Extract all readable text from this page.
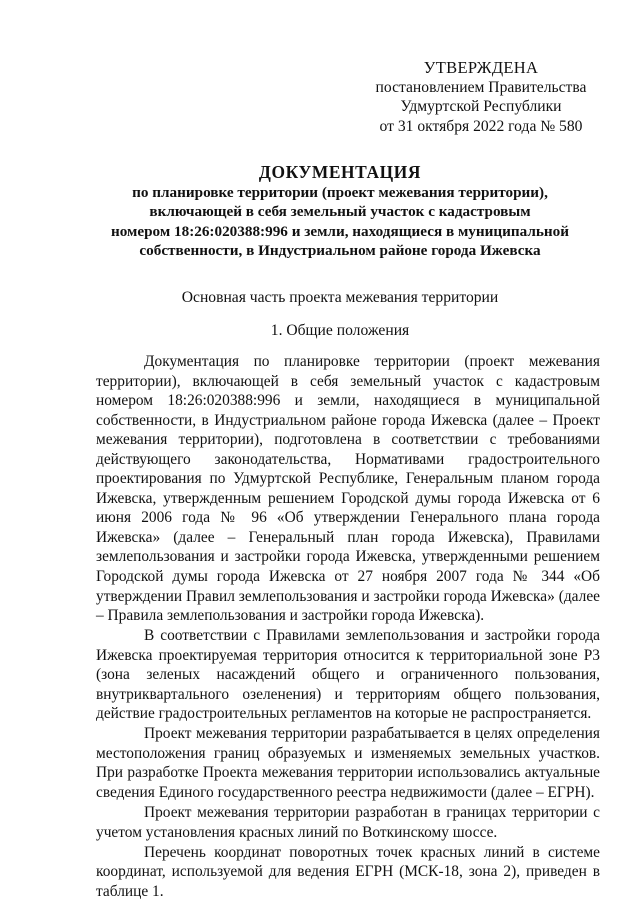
УТВЕРЖДЕНА
постановлением Правительства
Удмуртской Республики
от 31 октября 2022 года № 580
ДОКУМЕНТАЦИЯ
по планировке территории (проект межевания территории),
включающей в себя земельный участок с кадастровым
номером 18:26:020388:996 и земли, находящиеся в муниципальной
собственности, в Индустриальном районе города Ижевска
Основная часть проекта межевания территории
1. Общие положения

Документация по планировке территории (проект межевания территории), включающей в себя земельный участок с кадастровым номером 18:26:020388:996 и земли, находящиеся в муниципальной собственности, в Индустриальном районе города Ижевска (далее – Проект межевания территории), подготовлена в соответствии с требованиями действующего законодательства, Нормативами градостроительного проектирования по Удмуртской Республике, Генеральным планом города Ижевска, утвержденным решением Городской думы города Ижевска от 6 июня 2006 года № 96 «Об утверждении Генерального плана города Ижевска» (далее – Генеральный план города Ижевска), Правилами землепользования и застройки города Ижевска, утвержденными решением Городской думы города Ижевска от 27 ноября 2007 года № 344 «Об утверждении Правил землепользования и застройки города Ижевска» (далее – Правила землепользования и застройки города Ижевска).

В соответствии с Правилами землепользования и застройки города Ижевска проектируемая территория относится к территориальной зоне Р3 (зона зеленых насаждений общего и ограниченного пользования, внутриквартального озеленения) и территориям общего пользования, действие градостроительных регламентов на которые не распространяется.

Проект межевания территории разрабатывается в целях определения местоположения границ образуемых и изменяемых земельных участков. При разработке Проекта межевания территории использовались актуальные сведения Единого государственного реестра недвижимости (далее – ЕГРН).

Проект межевания территории разработан в границах территории с учетом установления красных линий по Воткинскому шоссе.

Перечень координат поворотных точек красных линий в системе координат, используемой для ведения ЕГРН (МСК-18, зона 2), приведен в таблице 1.
